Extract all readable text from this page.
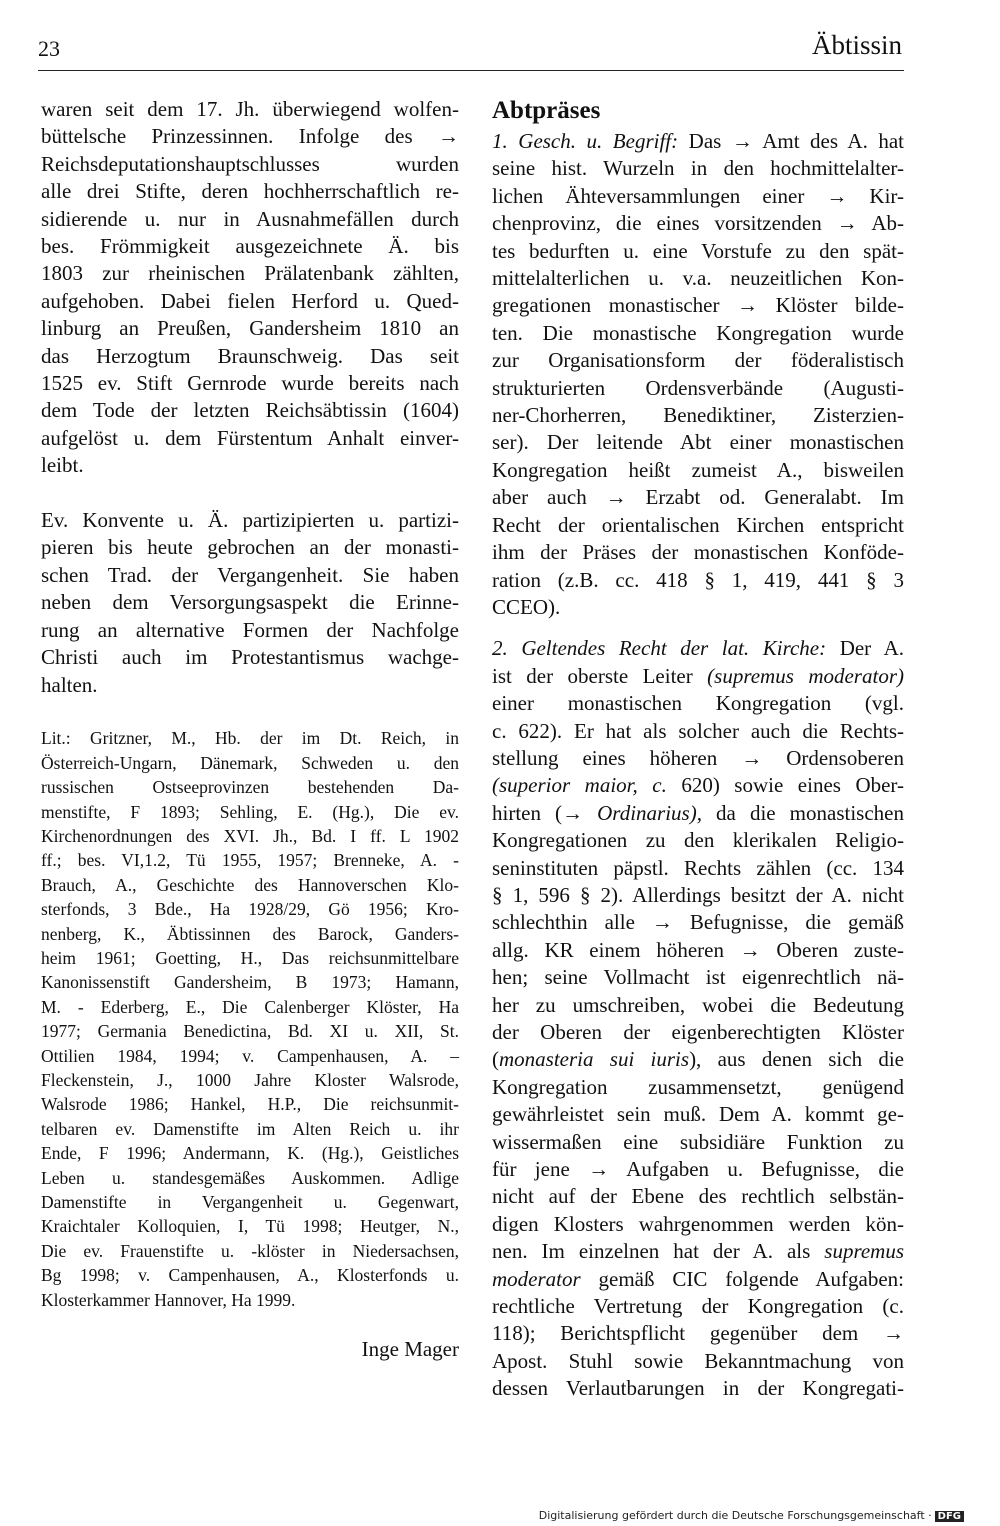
23	Äbtissin
waren seit dem 17. Jh. überwiegend wolfen-
büttelsche Prinzessinnen. Infolge des →
Reichsdeputationshauptschlusses wurden
alle drei Stifte, deren hochherrschaftlich re-
sidierende u. nur in Ausnahmefällen durch
bes. Frömmigkeit ausgezeichnete Ä. bis
1803 zur rheinischen Prälatenbank zählten,
aufgehoben. Dabei fielen Herford u. Qued-
linburg an Preußen, Gandersheim 1810 an
das Herzogtum Braunschweig. Das seit
1525 ev. Stift Gernrode wurde bereits nach
dem Tode der letzten Reichsäbtissin (1604)
aufgelöst u. dem Fürstentum Anhalt einver-
leibt.
Ev. Konvente u. Ä. partizipierten u. partizi-
pieren bis heute gebrochen an der monasti-
schen Trad. der Vergangenheit. Sie haben
neben dem Versorgungsaspekt die Erinne-
rung an alternative Formen der Nachfolge
Christi auch im Protestantismus wachge-
halten.
Lit.: Gritzner, M., Hb. der im Dt. Reich, in
Österreich-Ungarn, Dänemark, Schweden u. den
russischen Ostseeprovinzen bestehenden Da-
menstifte, F 1893; Sehling, E. (Hg.), Die ev.
Kirchenordnungen des XVI. Jh., Bd. I ff. L 1902
ff.; bes. VI,1.2, Tü 1955, 1957; Brenneke, A. -
Brauch, A., Geschichte des Hannoverschen Klo-
sterfonds, 3 Bde., Ha 1928/29, Gö 1956; Kro-
nenberg, K., Äbtissinnen des Barock, Ganders-
heim 1961; Goetting, H., Das reichsunmittelbare
Kanonissenstift Gandersheim, B 1973; Hamann,
M. - Ederberg, E., Die Calenberger Klöster, Ha
1977; Germania Benedictina, Bd. XI u. XII, St.
Ottilien 1984, 1994; v. Campenhausen, A. –
Fleckenstein, J., 1000 Jahre Kloster Walsrode,
Walsrode 1986; Hankel, H.P., Die reichsunmit-
telbaren ev. Damenstifte im Alten Reich u. ihr
Ende, F 1996; Andermann, K. (Hg.), Geistliches
Leben u. standesgemäßes Auskommen. Adlige
Damenstifte in Vergangenheit u. Gegenwart,
Kraichtaler Kolloquien, I, Tü 1998; Heutger, N.,
Die ev. Frauenstifte u. -klöster in Niedersachsen,
Bg 1998; v. Campenhausen, A., Klosterfonds u.
Klosterkammer Hannover, Ha 1999.
Inge Mager
Abtpräses
1. Gesch. u. Begriff: Das → Amt des A. hat
seine hist. Wurzeln in den hochmittelalter-
lichen Ähteversammlungen einer → Kir-
chenprovinz, die eines vorsitzenden → Ab-
tes bedurften u. eine Vorstufe zu den spät-
mittelalterlichen u. v.a. neuzeitlichen Kon-
gregationen monastischer → Klöster bilde-
ten. Die monastische Kongregation wurde
zur Organisationsform der föderalistisch
strukturierten Ordensverbände (Augusti-
ner-Chorherren, Benediktiner, Zisterzien-
ser). Der leitende Abt einer monastischen
Kongregation heißt zumeist A., bisweilen
aber auch → Erzabt od. Generalabt. Im
Recht der orientalischen Kirchen entspricht
ihm der Präses der monastischen Konföde-
ration (z.B. cc. 418 § 1, 419, 441 § 3
CCEO).
2. Geltendes Recht der lat. Kirche: Der A.
ist der oberste Leiter (supremus moderator)
einer monastischen Kongregation (vgl.
c. 622). Er hat als solcher auch die Rechts-
stellung eines höheren → Ordensoberen
(superior maior, c. 620) sowie eines Ober-
hirten (→ Ordinarius), da die monastischen
Kongregationen zu den klerikalen Religio-
seninstituten päpstl. Rechts zählen (cc. 134
§ 1, 596 § 2). Allerdings besitzt der A. nicht
schlechthin alle → Befugnisse, die gemäß
allg. KR einem höheren → Oberen zuste-
hen; seine Vollmacht ist eigenrechtlich nä-
her zu umschreiben, wobei die Bedeutung
der Oberen der eigenberechtigten Klöster
(monasteria sui iuris), aus denen sich die
Kongregation zusammensetzt, genügend
gewährleistet sein muß. Dem A. kommt ge-
wissermaßen eine subsidiäre Funktion zu
für jene → Aufgaben u. Befugnisse, die
nicht auf der Ebene des rechtlich selbstän-
digen Klosters wahrgenommen werden kön-
nen. Im einzelnen hat der A. als supremus
moderator gemäß CIC folgende Aufgaben:
rechtliche Vertretung der Kongregation (c.
118); Berichtspflicht gegenüber dem →
Apost. Stuhl sowie Bekanntmachung von
dessen Verlautbarungen in der Kongregati-
Digitalisierung gefördert durch die Deutsche Forschungsgemeinschaft · DFG
